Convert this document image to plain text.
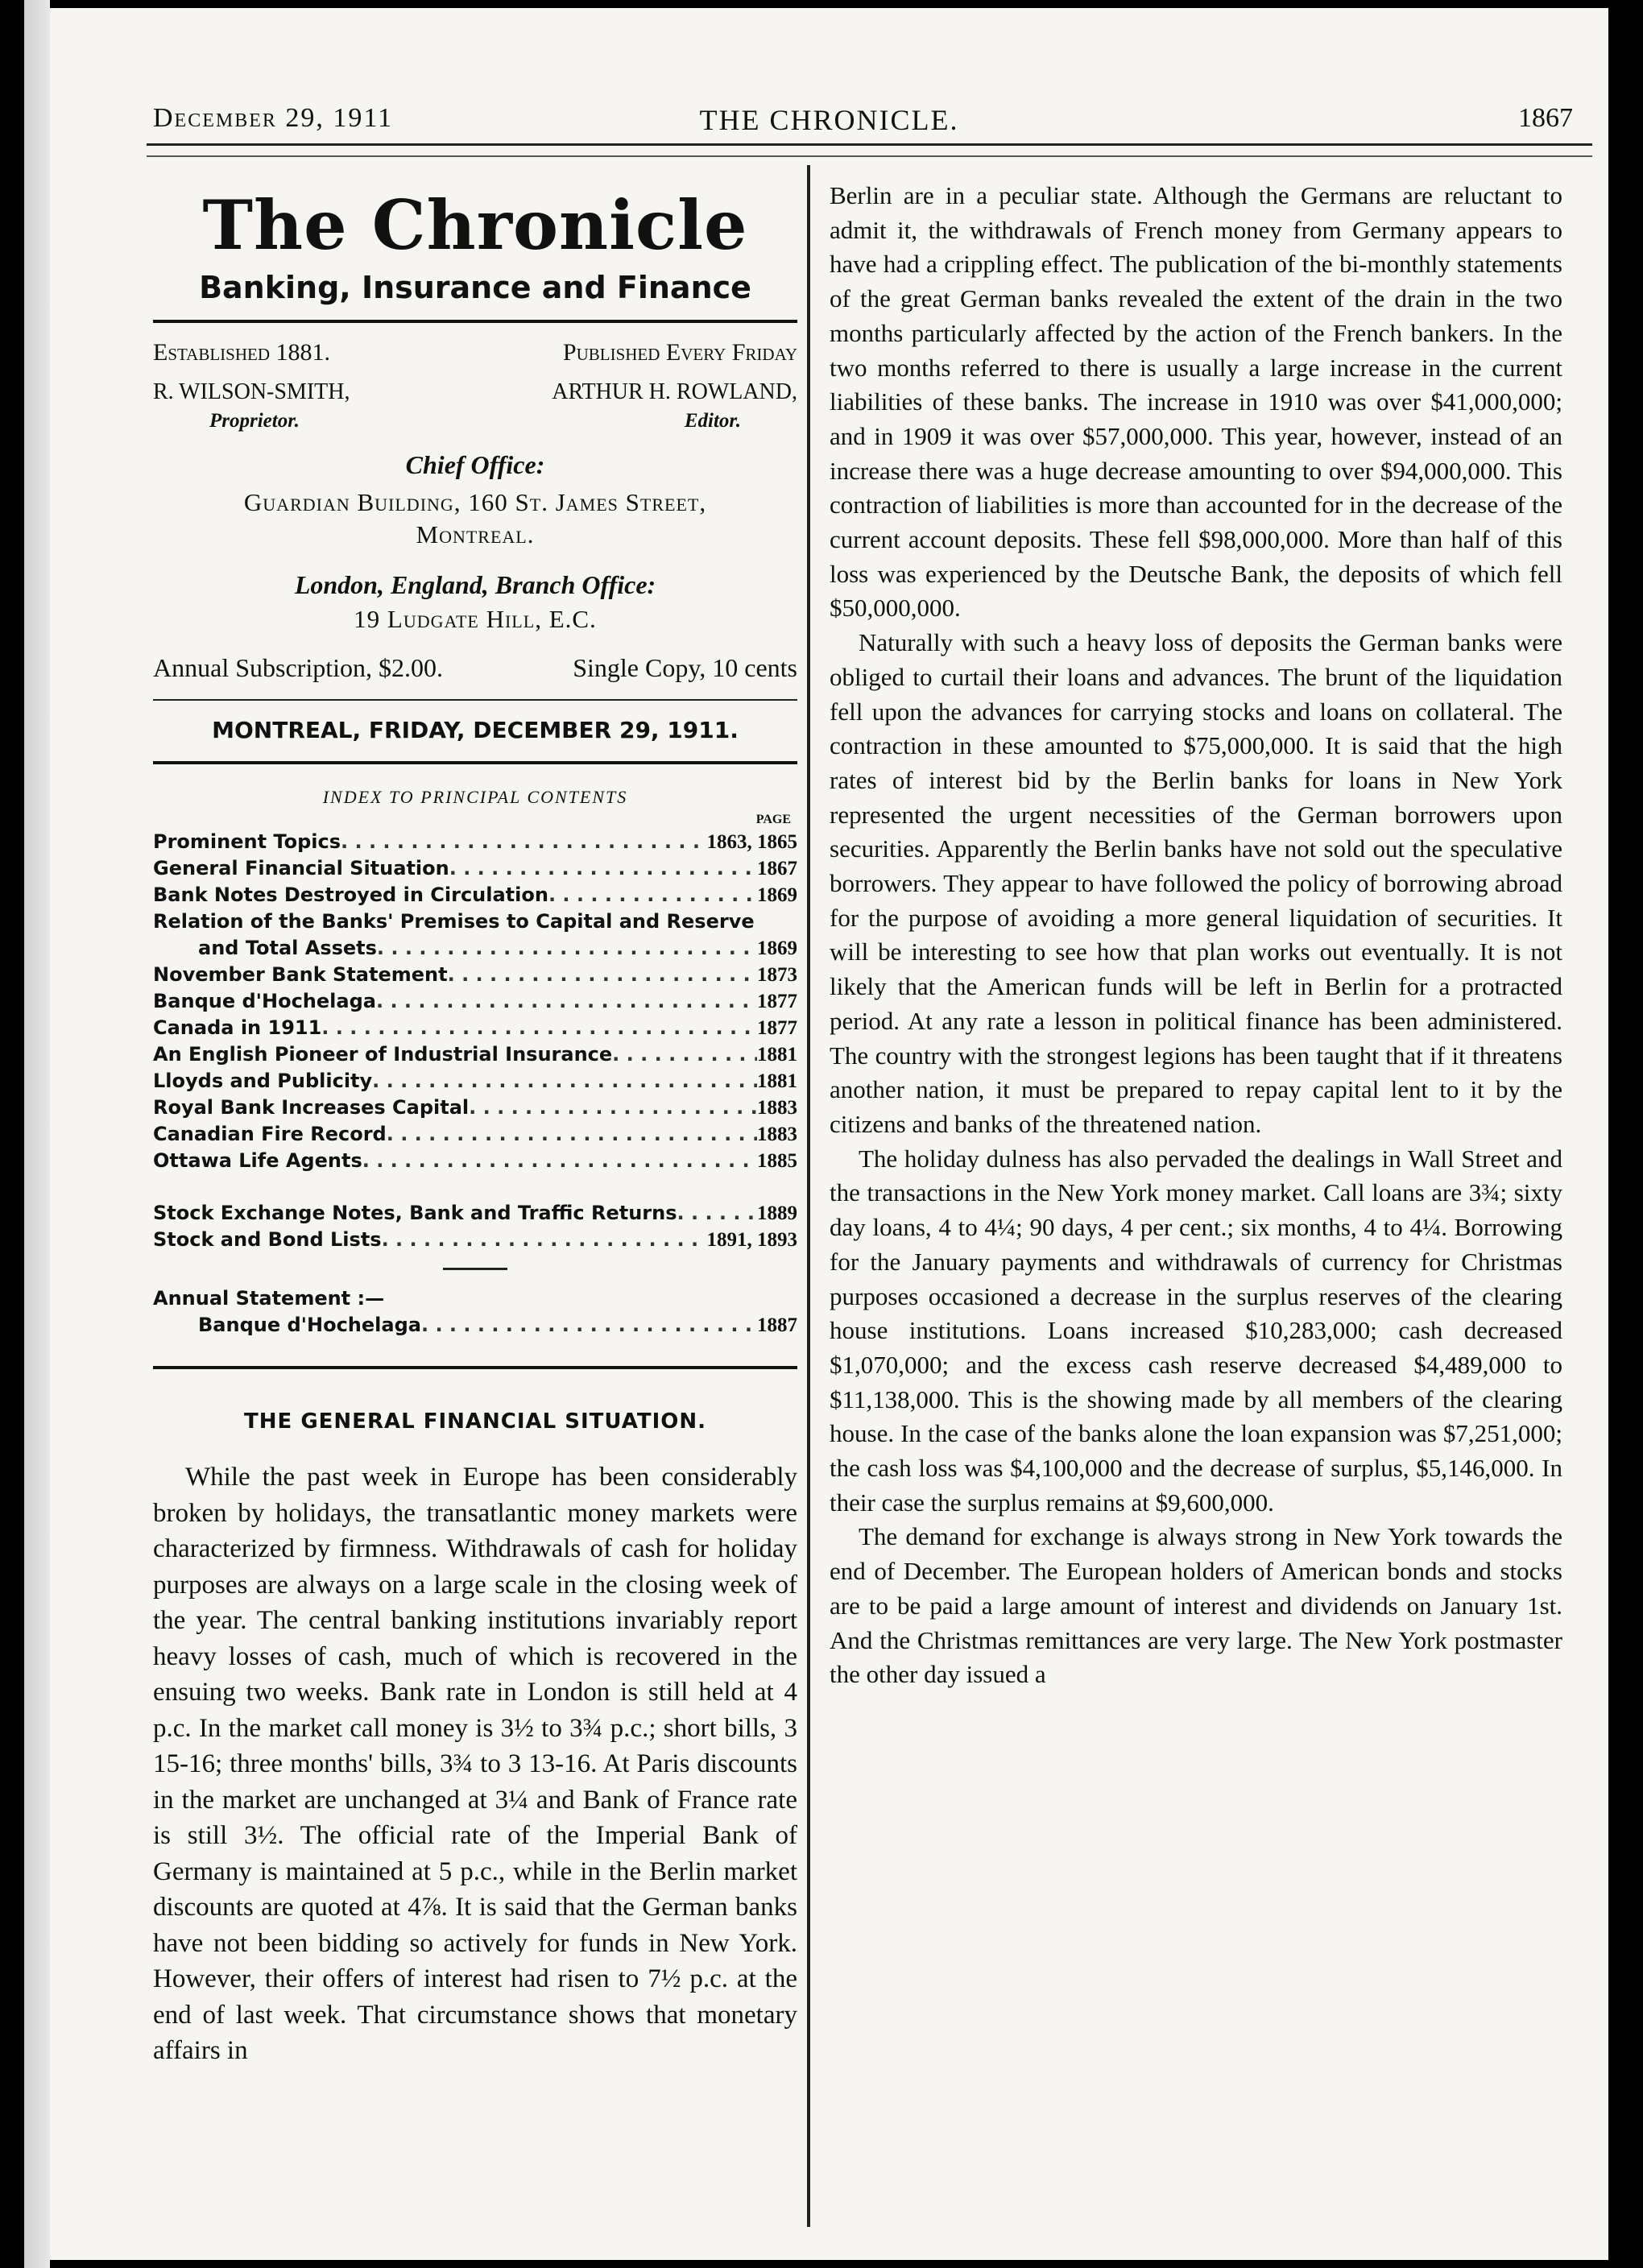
December 29, 1911	THE CHRONICLE.	1867
The Chronicle
Banking, Insurance and Finance
Established 1881.	Published Every Friday
R. WILSON-SMITH,	ARTHUR H. ROWLAND,
Proprietor.	Editor.
Chief Office:
Guardian Building, 160 St. James Street,
Montreal.
London, England, Branch Office:
19 Ludgate Hill, E.C.
Annual Subscription, $2.00.	Single Copy, 10 cents
MONTREAL, FRIDAY, DECEMBER 29, 1911.
INDEX TO PRINCIPAL CONTENTS
PAGE
Prominent Topics . . .	1863, 1865
General Financial Situation . . .	1867
Bank Notes Destroyed in Circulation . . .	1869
Relation of the Banks' Premises to Capital and Reserve
and Total Assets . . .	1869
November Bank Statement . . .	1873
Banque d'Hochelaga . . .	1877
Canada in 1911 . . .	1877
An English Pioneer of Industrial Insurance . . .	1881
Lloyds and Publicity . . .	1881
Royal Bank Increases Capital . . .	1883
Canadian Fire Record . . .	1883
Ottawa Life Agents . . .	1885
Stock Exchange Notes, Bank and Traffic Returns . . .	1889
Stock and Bond Lists . . .	1891, 1893
Annual Statement :—
Banque d'Hochelaga . . .	1887
THE GENERAL FINANCIAL SITUATION.

While the past week in Europe has been considerably broken by holidays, the transatlantic money markets were characterized by firmness. Withdrawals of cash for holiday purposes are always on a large scale in the closing week of the year. The central banking institutions invariably report heavy losses of cash, much of which is recovered in the ensuing two weeks. Bank rate in London is still held at 4 p.c. In the market call money is 3½ to 3¾ p.c.; short bills, 3 15-16; three months' bills, 3¾ to 3 13-16. At Paris discounts in the market are unchanged at 3¼ and Bank of France rate is still 3½. The official rate of the Imperial Bank of Germany is maintained at 5 p.c., while in the Berlin market discounts are quoted at 4⅞. It is said that the German banks have not been bidding so actively for funds in New York. However, their offers of interest had risen to 7½ p.c. at the end of last week. That circumstance shows that monetary affairs in

Berlin are in a peculiar state. Although the Germans are reluctant to admit it, the withdrawals of French money from Germany appears to have had a crippling effect. The publication of the bi-monthly statements of the great German banks revealed the extent of the drain in the two months particularly affected by the action of the French bankers. In the two months referred to there is usually a large increase in the current liabilities of these banks. The increase in 1910 was over $41,000,000; and in 1909 it was over $57,000,000. This year, however, instead of an increase there was a huge decrease amounting to over $94,000,000. This contraction of liabilities is more than accounted for in the decrease of the current account deposits. These fell $98,000,000. More than half of this loss was experienced by the Deutsche Bank, the deposits of which fell $50,000,000.

Naturally with such a heavy loss of deposits the German banks were obliged to curtail their loans and advances. The brunt of the liquidation fell upon the advances for carrying stocks and loans on collateral. The contraction in these amounted to $75,000,000. It is said that the high rates of interest bid by the Berlin banks for loans in New York represented the urgent necessities of the German borrowers upon securities. Apparently the Berlin banks have not sold out the speculative borrowers. They appear to have followed the policy of borrowing abroad for the purpose of avoiding a more general liquidation of securities. It will be interesting to see how that plan works out eventually. It is not likely that the American funds will be left in Berlin for a protracted period. At any rate a lesson in political finance has been administered. The country with the strongest legions has been taught that if it threatens another nation, it must be prepared to repay capital lent to it by the citizens and banks of the threatened nation.

The holiday dulness has also pervaded the dealings in Wall Street and the transactions in the New York money market. Call loans are 3¾; sixty day loans, 4 to 4¼; 90 days, 4 per cent.; six months, 4 to 4¼. Borrowing for the January payments and withdrawals of currency for Christmas purposes occasioned a decrease in the surplus reserves of the clearing house institutions. Loans increased $10,283,000; cash decreased $1,070,000; and the excess cash reserve decreased $4,489,000 to $11,138,000. This is the showing made by all members of the clearing house. In the case of the banks alone the loan expansion was $7,251,000; the cash loss was $4,100,000 and the decrease of surplus, $5,146,000. In their case the surplus remains at $9,600,000.

The demand for exchange is always strong in New York towards the end of December. The European holders of American bonds and stocks are to be paid a large amount of interest and dividends on January 1st. And the Christmas remittances are very large. The New York postmaster the other day issued a
